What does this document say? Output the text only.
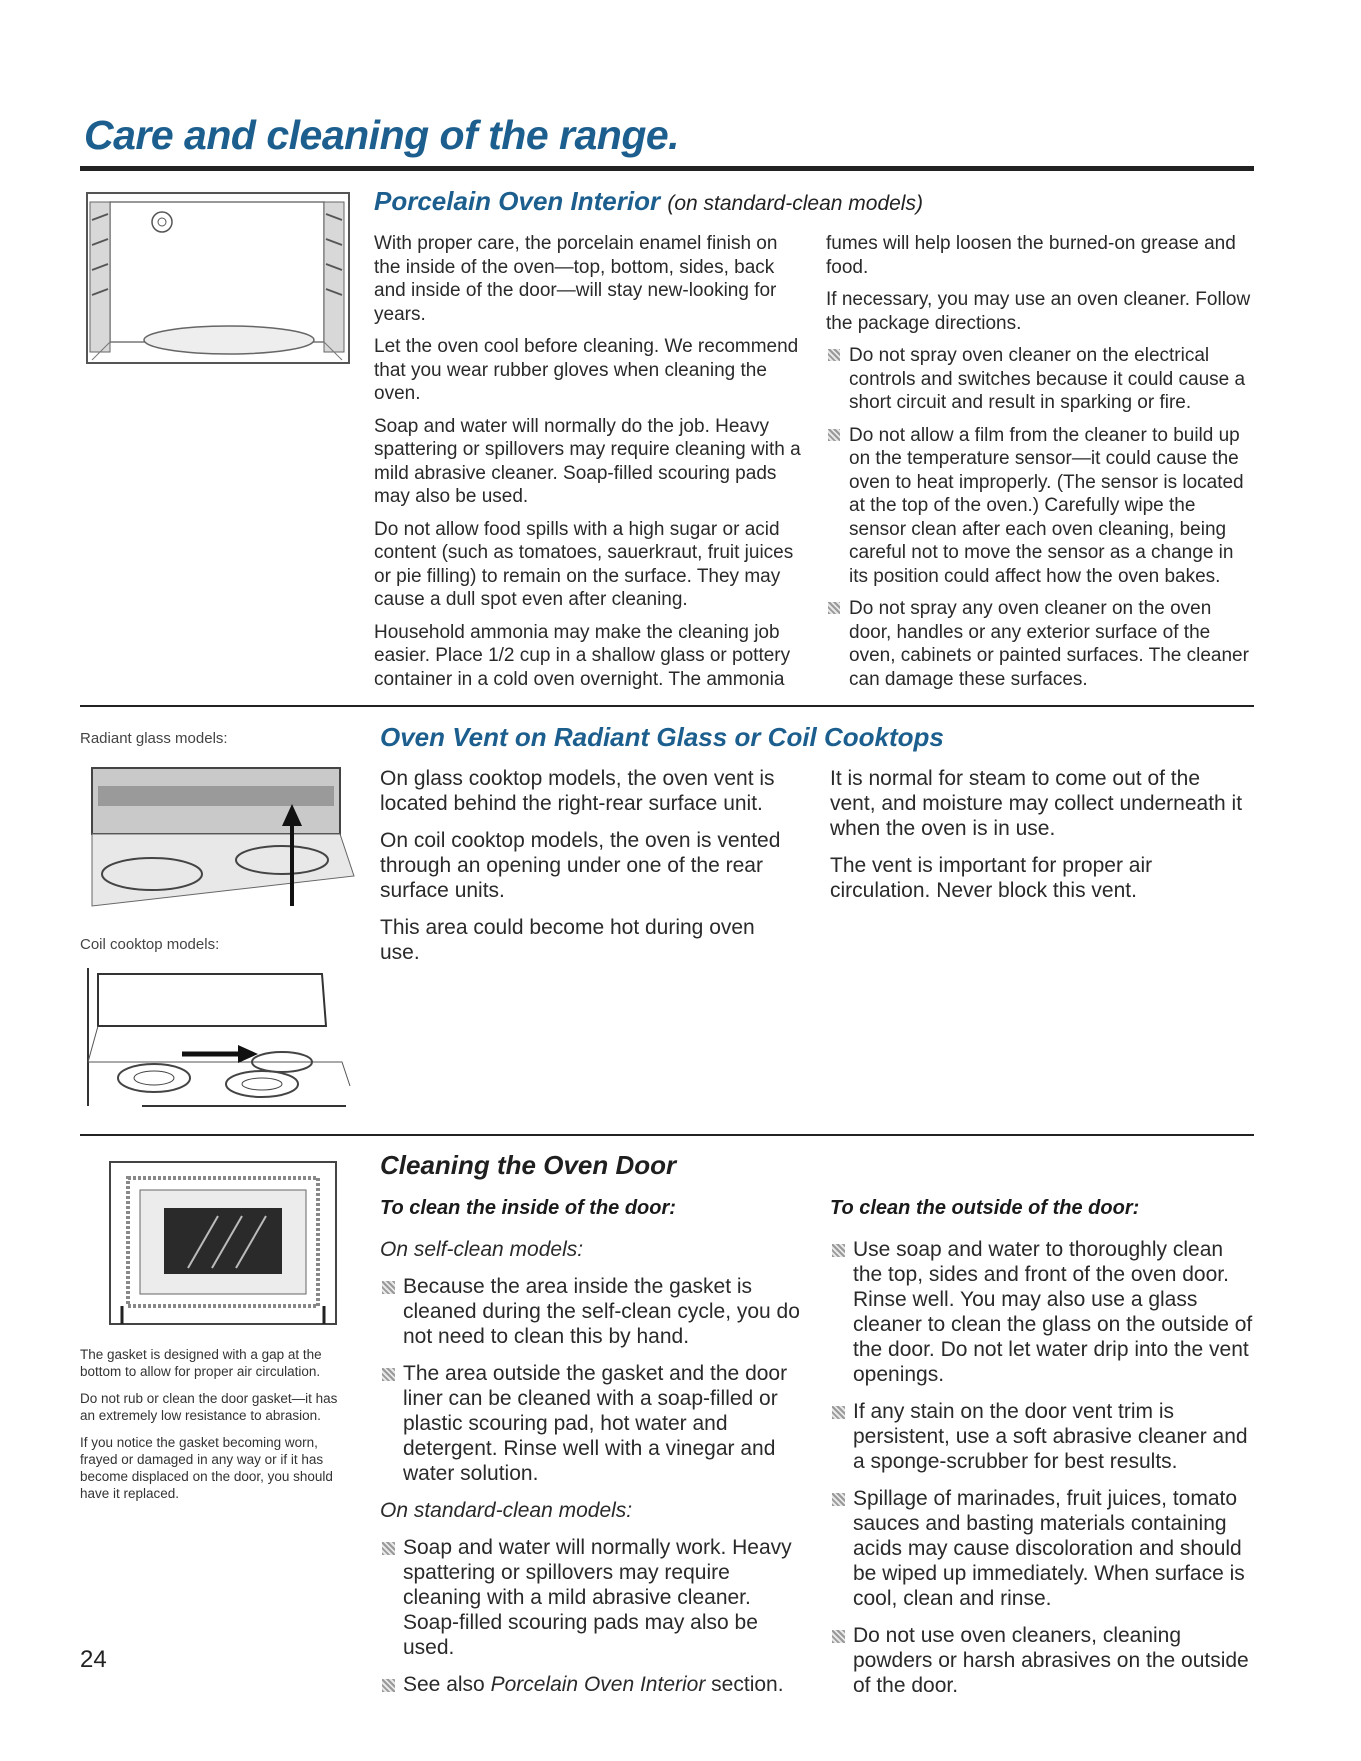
Care and cleaning of the range.
Porcelain Oven Interior (on standard-clean models)

With proper care, the porcelain enamel finish on the inside of the oven—top, bottom, sides, back and inside of the door—will stay new-looking for years.

Let the oven cool before cleaning. We recommend that you wear rubber gloves when cleaning the oven.

Soap and water will normally do the job. Heavy spattering or spillovers may require cleaning with a mild abrasive cleaner. Soap-filled scouring pads may also be used.

Do not allow food spills with a high sugar or acid content (such as tomatoes, sauerkraut, fruit juices or pie filling) to remain on the surface. They may cause a dull spot even after cleaning.

Household ammonia may make the cleaning job easier. Place 1/2 cup in a shallow glass or pottery container in a cold oven overnight. The ammonia

fumes will help loosen the burned-on grease and food.

If necessary, you may use an oven cleaner. Follow the package directions.

Do not spray oven cleaner on the electrical controls and switches because it could cause a short circuit and result in sparking or fire.

Do not allow a film from the cleaner to build up on the temperature sensor—it could cause the oven to heat improperly. (The sensor is located at the top of the oven.) Carefully wipe the sensor clean after each oven cleaning, being careful not to move the sensor as a change in its position could affect how the oven bakes.

Do not spray any oven cleaner on the oven door, handles or any exterior surface of the oven, cabinets or painted surfaces. The cleaner can damage these surfaces.

Radiant glass models:
Coil cooktop models:
Oven Vent on Radiant Glass or Coil Cooktops

On glass cooktop models, the oven vent is located behind the right-rear surface unit.

On coil cooktop models, the oven is vented through an opening under one of the rear surface units.

This area could become hot during oven use.

It is normal for steam to come out of the vent, and moisture may collect underneath it when the oven is in use.

The vent is important for proper air circulation. Never block this vent.

The gasket is designed with a gap at the bottom to allow for proper air circulation.

Do not rub or clean the door gasket—it has an extremely low resistance to abrasion.

If you notice the gasket becoming worn, frayed or damaged in any way or if it has become displaced on the door, you should have it replaced.

24
Cleaning the Oven Door
To clean the inside of the door:

On self-clean models:

Because the area inside the gasket is cleaned during the self-clean cycle, you do not need to clean this by hand.

The area outside the gasket and the door liner can be cleaned with a soap-filled or plastic scouring pad, hot water and detergent. Rinse well with a vinegar and water solution.

On standard-clean models:

Soap and water will normally work. Heavy spattering or spillovers may require cleaning with a mild abrasive cleaner. Soap-filled scouring pads may also be used.

See also Porcelain Oven Interior section.

To clean the outside of the door:

Use soap and water to thoroughly clean the top, sides and front of the oven door. Rinse well. You may also use a glass cleaner to clean the glass on the outside of the door. Do not let water drip into the vent openings.

If any stain on the door vent trim is persistent, use a soft abrasive cleaner and a sponge-scrubber for best results.

Spillage of marinades, fruit juices, tomato sauces and basting materials containing acids may cause discoloration and should be wiped up immediately. When surface is cool, clean and rinse.

Do not use oven cleaners, cleaning powders or harsh abrasives on the outside of the door.
